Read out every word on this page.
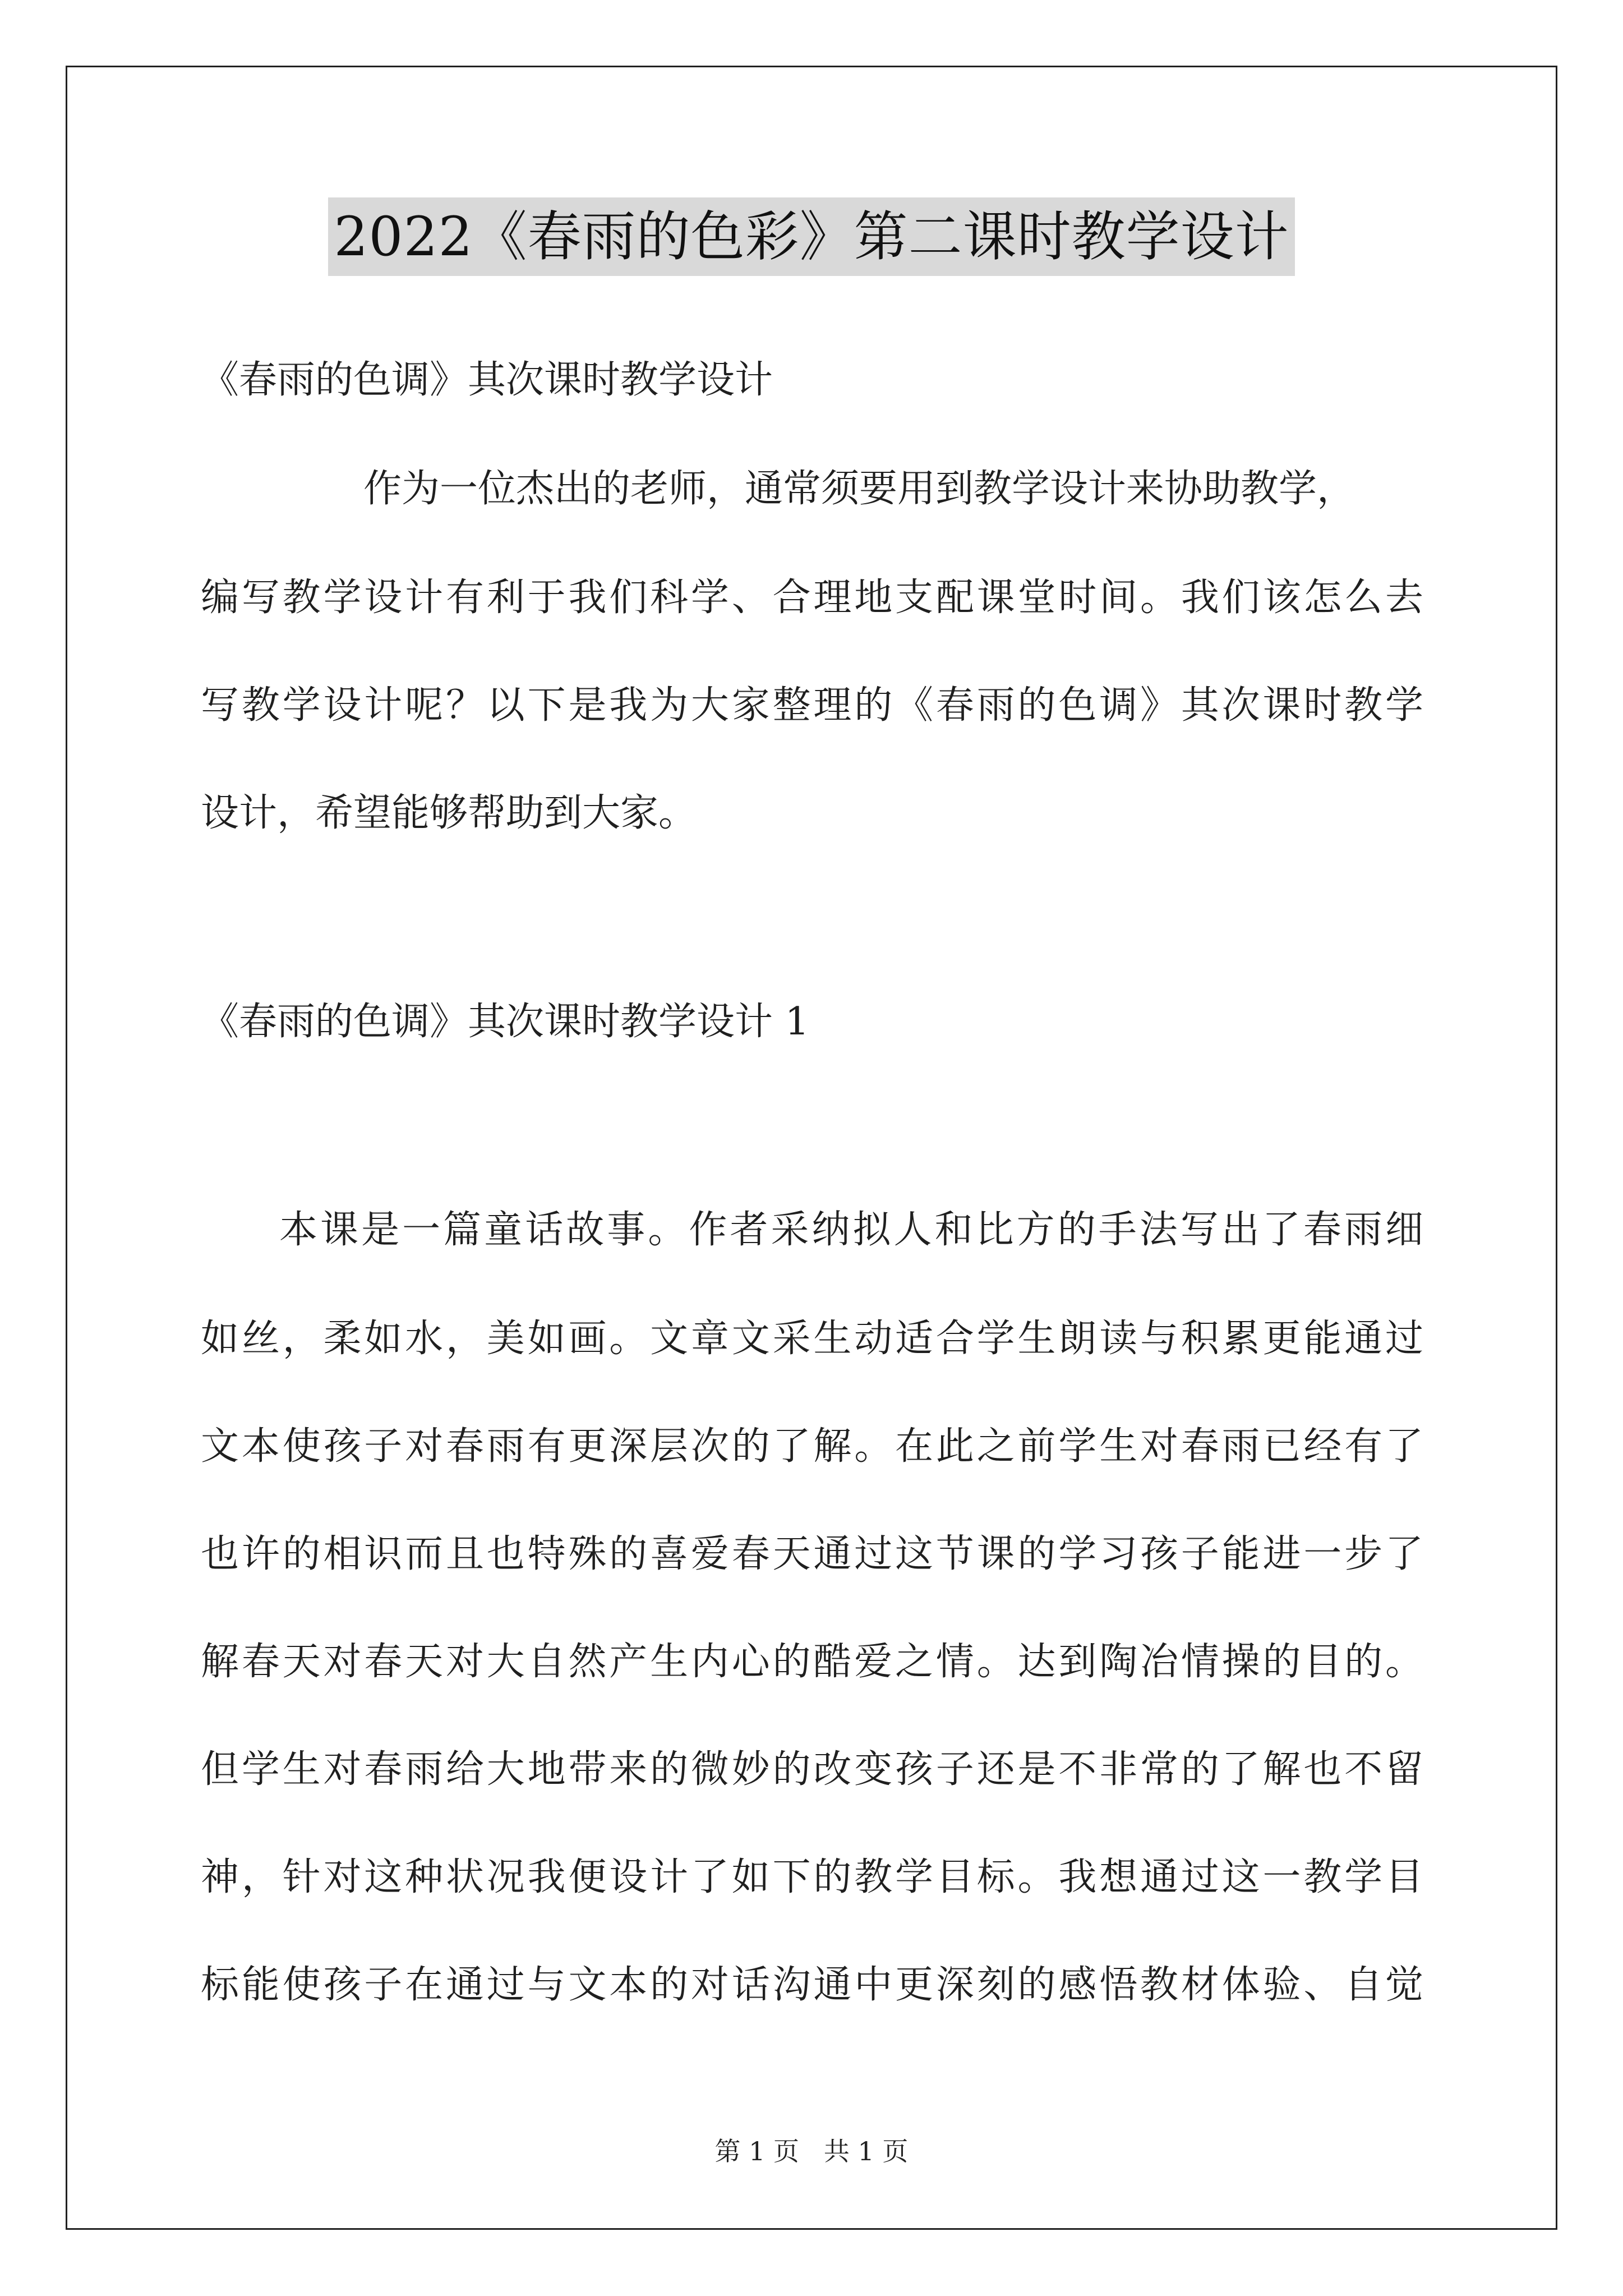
2022《春雨的色彩》第二课时教学设计
《春雨的色调》其次课时教学设计
作为一位杰出的老师，通常须要用到教学设计来协助教学，
编写教学设计有利于我们科学、合理地支配课堂时间。我们该怎么去
写教学设计呢？以下是我为大家整理的《春雨的色调》其次课时教学
设计，希望能够帮助到大家。
《春雨的色调》其次课时教学设计 1
本课是一篇童话故事。作者采纳拟人和比方的手法写出了春雨细
如丝，柔如水，美如画。文章文采生动适合学生朗读与积累更能通过
文本使孩子对春雨有更深层次的了解。在此之前学生对春雨已经有了
也许的相识而且也特殊的喜爱春天通过这节课的学习孩子能进一步了
解春天对春天对大自然产生内心的酷爱之情。达到陶冶情操的目的。
但学生对春雨给大地带来的微妙的改变孩子还是不非常的了解也不留
神，针对这种状况我便设计了如下的教学目标。我想通过这一教学目
标能使孩子在通过与文本的对话沟通中更深刻的感悟教材体验、自觉
第 1 页   共 1 页
